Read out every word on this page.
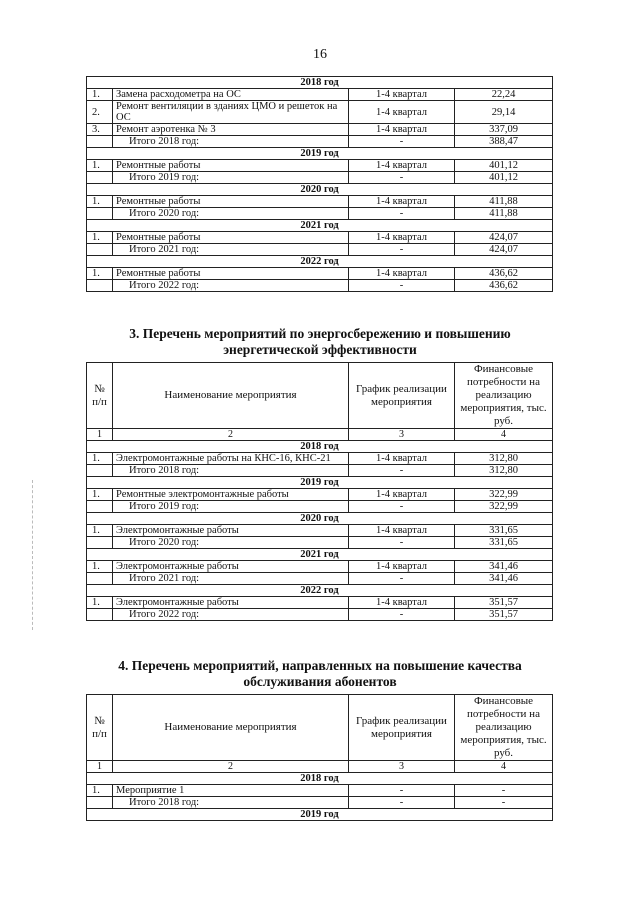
16
2018 год			
1.	Замена расходометра на ОС	1-4 квартал	22,24
2.	Ремонт вентиляции в зданиях ЦМО и решеток на ОС	1-4 квартал	29,14
3.	Ремонт аэротенка № 3	1-4 квартал	337,09
	Итого 2018 год:	-	388,47
2019 год			
1.	Ремонтные работы	1-4 квартал	401,12
	Итого 2019 год:	-	401,12
2020 год			
1.	Ремонтные работы	1-4 квартал	411,88
	Итого 2020 год:	-	411,88
2021 год			
1.	Ремонтные работы	1-4 квартал	424,07
	Итого 2021 год:	-	424,07
2022 год			
1.	Ремонтные работы	1-4 квартал	436,62
	Итого 2022 год:	-	436,62
3. Перечень мероприятий по энергосбережению и повышению
энергетической эффективности
№ п/п	Наименование мероприятия	График реализации мероприятия	Финансовые потребности на реализацию мероприятия, тыс. руб.
1	2	3	4
2018 год			
1.	Электромонтажные работы на КНС-16, КНС-21	1-4 квартал	312,80
	Итого 2018 год:	-	312,80
2019 год			
1.	Ремонтные электромонтажные работы	1-4 квартал	322,99
	Итого 2019 год:	-	322,99
2020 год			
1.	Электромонтажные работы	1-4 квартал	331,65
	Итого 2020 год:	-	331,65
2021 год			
1.	Электромонтажные работы	1-4 квартал	341,46
	Итого 2021 год:	-	341,46
2022 год			
1.	Электромонтажные работы	1-4 квартал	351,57
	Итого 2022 год:	-	351,57
4. Перечень мероприятий, направленных на повышение качества
обслуживания абонентов
№ п/п	Наименование мероприятия	График реализации мероприятия	Финансовые потребности на реализацию мероприятия, тыс. руб.
1	2	3	4
2018 год			
1.	Мероприятие 1	-	-
	Итого 2018 год:	-	-
2019 год			
